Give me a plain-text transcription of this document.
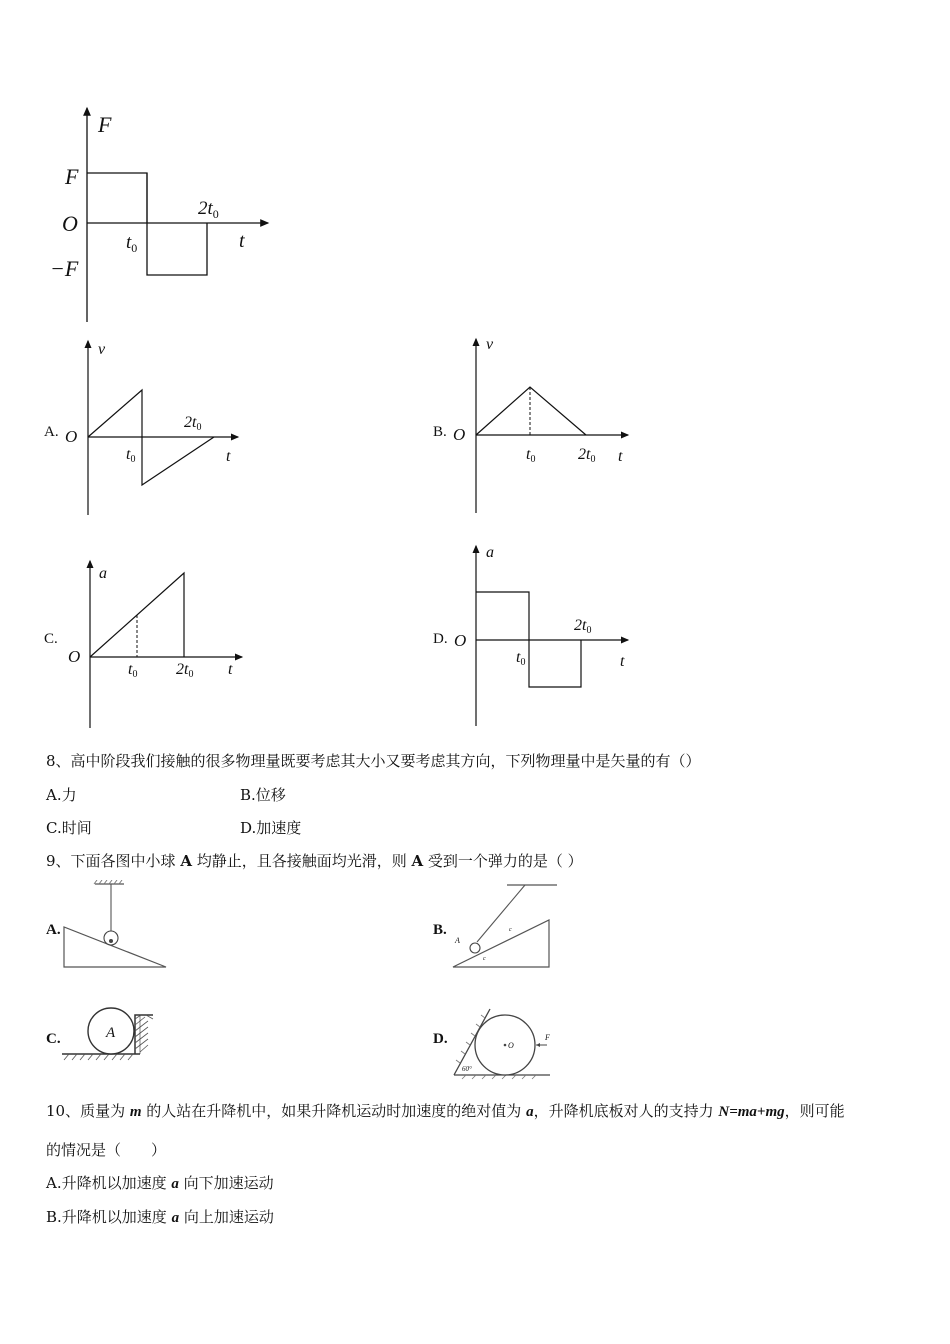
F
F
O
−F
$t_0$
$2t_0$
t
A.
v
O
t0
2t0
t
B.
v
O
t0	2t0 t
C.
a
O
t0 2t0 t
D.
a
O
t0
2t0
t
8、高中阶段我们接触的很多物理量既要考虑其大小又要考虑其方向，下列物理量中是矢量的有（）
A.力	B.位移
C.时间	D.加速度
9、下面各图中小球 A 均静止，且各接触面均光滑，则 A 受到一个弹力的是（ ）
A.	B.
A
c
c
C.	A	D.	O
F
60°
10、质量为 m 的人站在升降机中，如果升降机运动时加速度的绝对值为 a，升降机底板对人的支持力 N=ma+mg，则可能
的情况是（　　）
A.升降机以加速度 a 向下加速运动
B.升降机以加速度 a 向上加速运动
